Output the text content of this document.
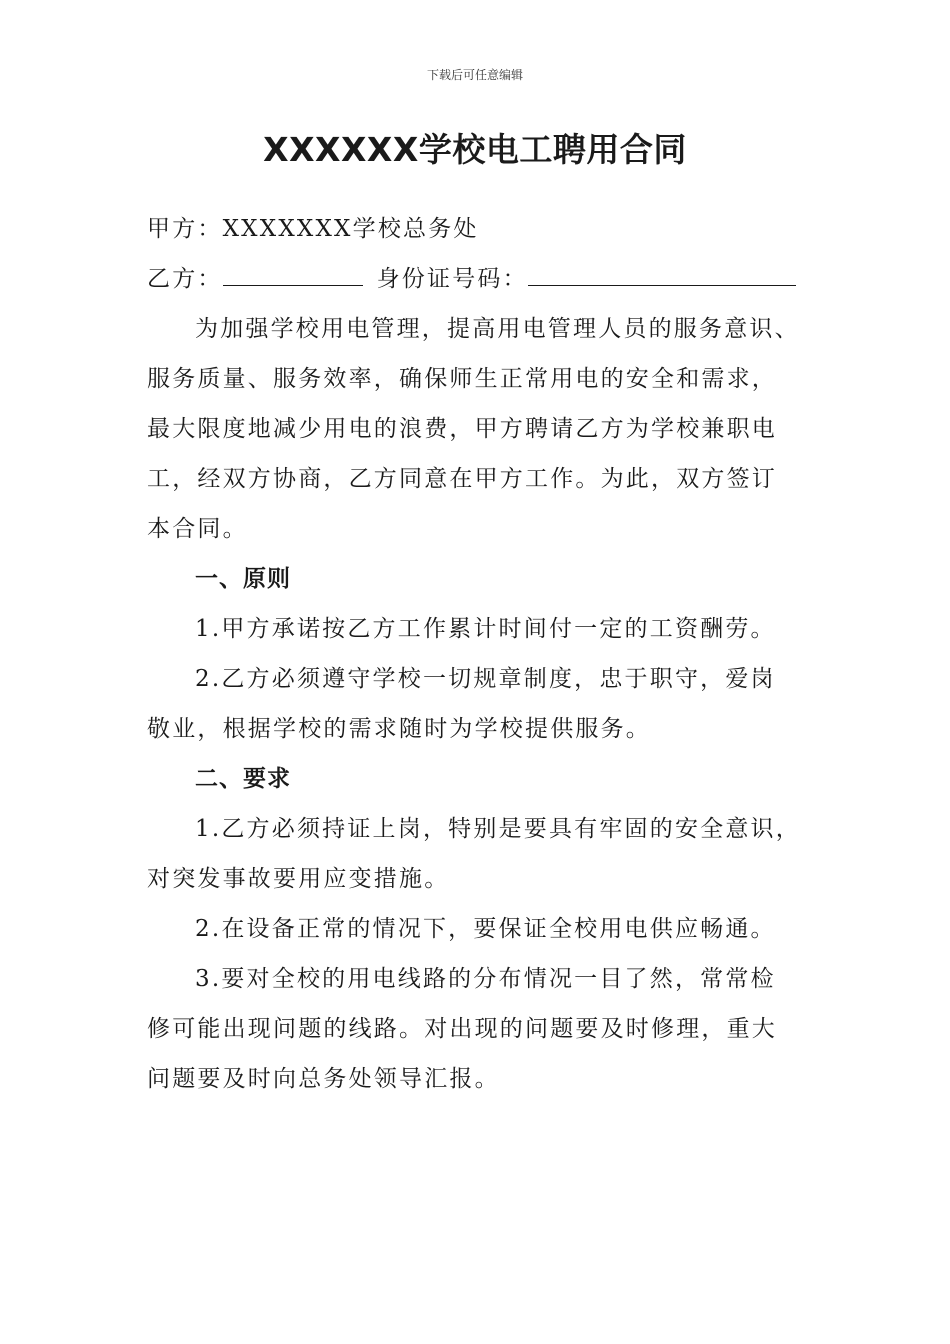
下载后可任意编辑
XXXXXX学校电工聘用合同
甲方：XXXXXXX学校总务处
乙方：	身份证号码：
为加强学校用电管理，提高用电管理人员的服务意识、
服务质量、服务效率，确保师生正常用电的安全和需求，
最大限度地减少用电的浪费，甲方聘请乙方为学校兼职电
工，经双方协商，乙方同意在甲方工作。为此，双方签订
本合同。
一、原则
1.甲方承诺按乙方工作累计时间付一定的工资酬劳。
2.乙方必须遵守学校一切规章制度，忠于职守，爱岗
敬业，根据学校的需求随时为学校提供服务。
二、要求
1.乙方必须持证上岗，特别是要具有牢固的安全意识，
对突发事故要用应变措施。
2.在设备正常的情况下，要保证全校用电供应畅通。
3.要对全校的用电线路的分布情况一目了然，常常检
修可能出现问题的线路。对出现的问题要及时修理，重大
问题要及时向总务处领导汇报。
